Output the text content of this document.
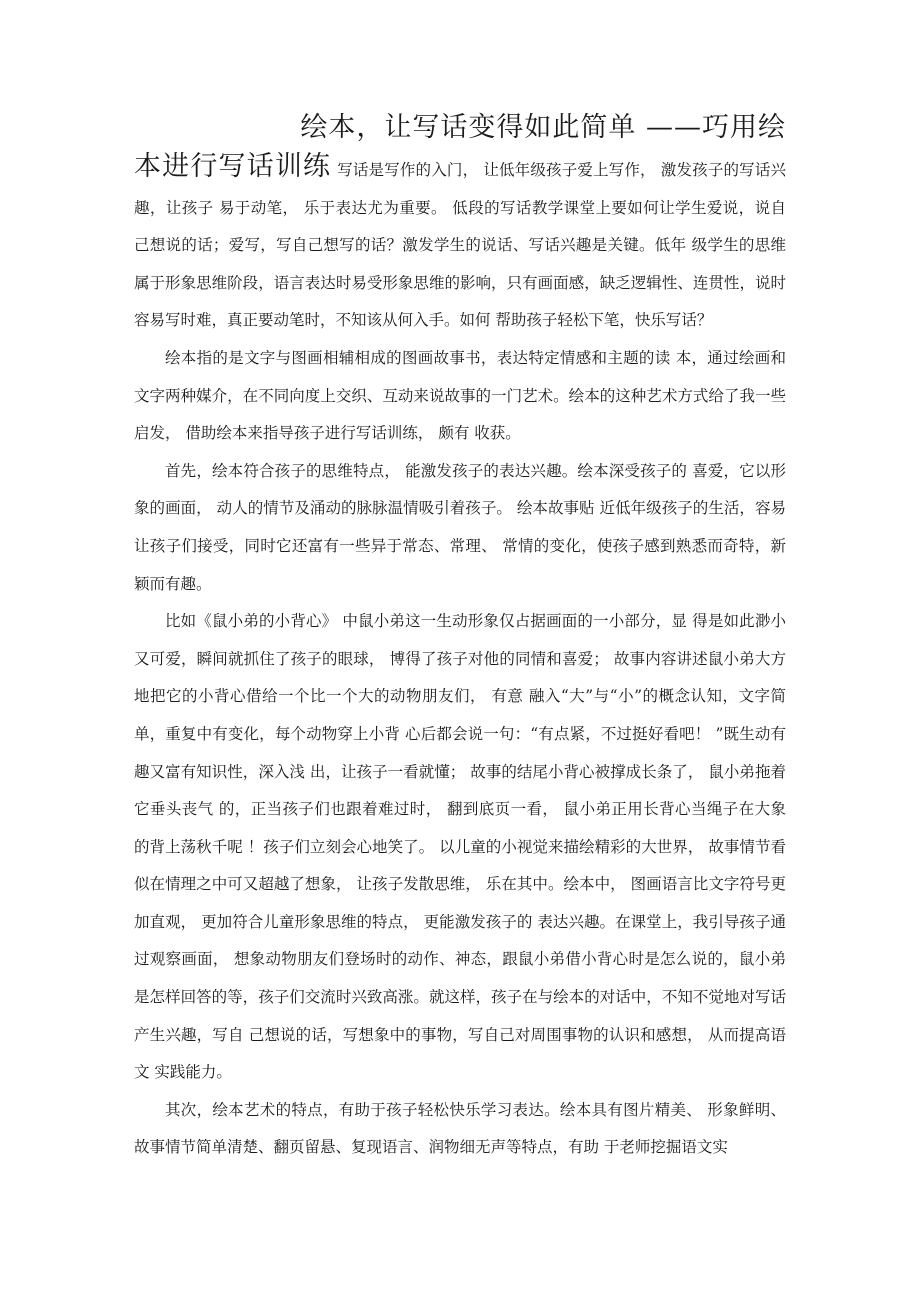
绘本，让写话变得如此简单 ——巧用绘

本进行写话训练 写话是写作的入门， 让低年级孩子爱上写作， 激发孩子的写话兴趣，让孩子 易于动笔， 乐于表达尤为重要。 低段的写话教学课堂上要如何让学生爱说，说自 己想说的话；爱写，写自己想写的话？激发学生的说话、写话兴趣是关键。低年 级学生的思维属于形象思维阶段，语言表达时易受形象思维的影响，只有画面感，缺乏逻辑性、连贯性，说时容易写时难，真正要动笔时，不知该从何入手。如何 帮助孩子轻松下笔，快乐写话？

绘本指的是文字与图画相辅相成的图画故事书，表达特定情感和主题的读 本，通过绘画和文字两种媒介，在不同向度上交织、互动来说故事的一门艺术。绘本的这种艺术方式给了我一些启发， 借助绘本来指导孩子进行写话训练， 颇有 收获。

首先，绘本符合孩子的思维特点， 能激发孩子的表达兴趣。绘本深受孩子的 喜爱，它以形象的画面， 动人的情节及涌动的脉脉温情吸引着孩子。 绘本故事贴 近低年级孩子的生活，容易让孩子们接受，同时它还富有一些异于常态、常理、 常情的变化，使孩子感到熟悉而奇特，新颖而有趣。

比如《鼠小弟的小背心》 中鼠小弟这一生动形象仅占据画面的一小部分，显 得是如此渺小又可爱，瞬间就抓住了孩子的眼球， 博得了孩子对他的同情和喜爱； 故事内容讲述鼠小弟大方地把它的小背心借给一个比一个大的动物朋友们， 有意 融入“大”与“小”的概念认知，文字简单，重复中有变化，每个动物穿上小背 心后都会说一句：“有点紧，不过挺好看吧！ ”既生动有趣又富有知识性，深入浅 出，让孩子一看就懂； 故事的结尾小背心被撑成长条了， 鼠小弟拖着它垂头丧气 的，正当孩子们也跟着难过时， 翻到底页一看， 鼠小弟正用长背心当绳子在大象 的背上荡秋千呢 ！孩子们立刻会心地笑了。 以儿童的小视觉来描绘精彩的大世界， 故事情节看似在情理之中可又超越了想象， 让孩子发散思维， 乐在其中。绘本中， 图画语言比文字符号更加直观， 更加符合儿童形象思维的特点， 更能激发孩子的 表达兴趣。在课堂上，我引导孩子通过观察画面， 想象动物朋友们登场时的动作、神态，跟鼠小弟借小背心时是怎么说的，鼠小弟是怎样回答的等，孩子们交流时兴致高涨。就这样，孩子在与绘本的对话中，不知不觉地对写话产生兴趣，写自 己想说的话，写想象中的事物，写自己对周围事物的认识和感想， 从而提高语文 实践能力。

其次，绘本艺术的特点，有助于孩子轻松快乐学习表达。绘本具有图片精美、 形象鲜明、故事情节简单清楚、翻页留悬、复现语言、润物细无声等特点，有助 于老师挖掘语文实
